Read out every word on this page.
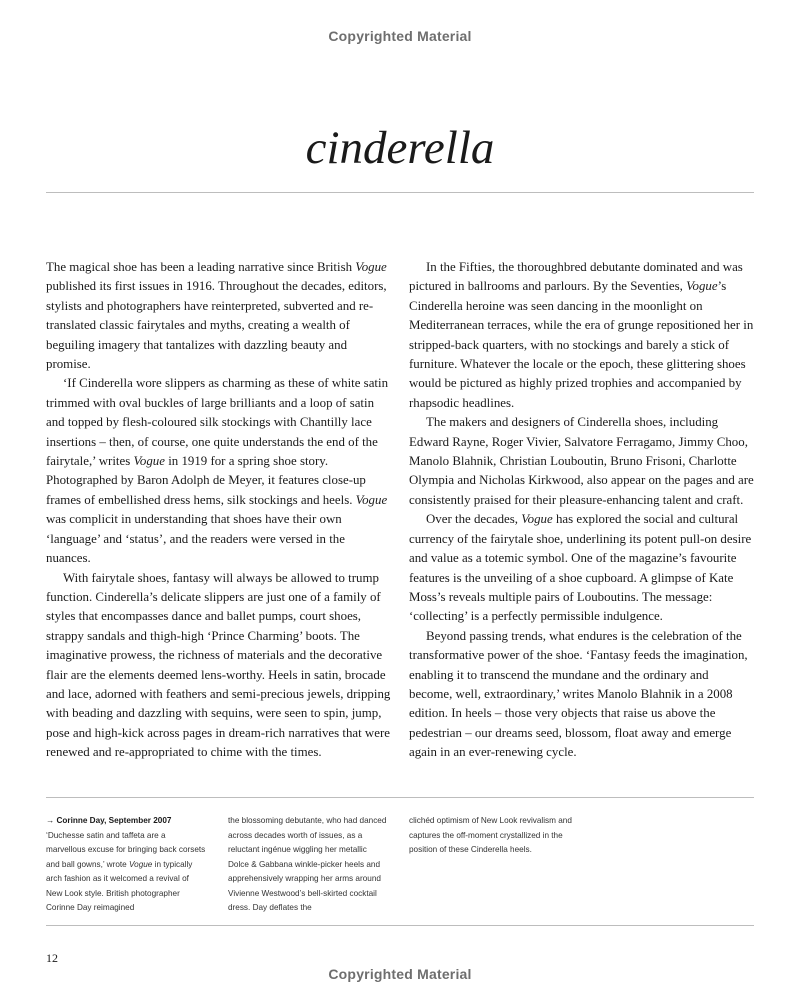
Copyrighted Material
cinderella

The magical shoe has been a leading narrative since British Vogue published its first issues in 1916. Throughout the decades, editors, stylists and photographers have reinterpreted, subverted and re-translated classic fairytales and myths, creating a wealth of beguiling imagery that tantalizes with dazzling beauty and promise.

‘If Cinderella wore slippers as charming as these of white satin trimmed with oval buckles of large brilliants and a loop of satin and topped by flesh-coloured silk stockings with Chantilly lace insertions – then, of course, one quite understands the end of the fairytale,’ writes Vogue in 1919 for a spring shoe story. Photographed by Baron Adolph de Meyer, it features close-up frames of embellished dress hems, silk stockings and heels. Vogue was complicit in understanding that shoes have their own ‘language’ and ‘status’, and the readers were versed in the nuances.

With fairytale shoes, fantasy will always be allowed to trump function. Cinderella’s delicate slippers are just one of a family of styles that encompasses dance and ballet pumps, court shoes, strappy sandals and thigh-high ‘Prince Charming’ boots. The imaginative prowess, the richness of materials and the decorative flair are the elements deemed lens-worthy. Heels in satin, brocade and lace, adorned with feathers and semi-precious jewels, dripping with beading and dazzling with sequins, were seen to spin, jump, pose and high-kick across pages in dream-rich narratives that were renewed and re-appropriated to chime with the times.

In the Fifties, the thoroughbred debutante dominated and was pictured in ballrooms and parlours. By the Seventies, Vogue’s Cinderella heroine was seen dancing in the moonlight on Mediterranean terraces, while the era of grunge repositioned her in stripped-back quarters, with no stockings and barely a stick of furniture. Whatever the locale or the epoch, these glittering shoes would be pictured as highly prized trophies and accompanied by rhapsodic headlines.

The makers and designers of Cinderella shoes, including Edward Rayne, Roger Vivier, Salvatore Ferragamo, Jimmy Choo, Manolo Blahnik, Christian Louboutin, Bruno Frisoni, Charlotte Olympia and Nicholas Kirkwood, also appear on the pages and are consistently praised for their pleasure-enhancing talent and craft.

Over the decades, Vogue has explored the social and cultural currency of the fairytale shoe, underlining its potent pull-on desire and value as a totemic symbol. One of the magazine’s favourite features is the unveiling of a shoe cupboard. A glimpse of Kate Moss’s reveals multiple pairs of Louboutins. The message: ‘collecting’ is a perfectly permissible indulgence.

Beyond passing trends, what endures is the celebration of the transformative power of the shoe. ‘Fantasy feeds the imagination, enabling it to transcend the mundane and the ordinary and become, well, extraordinary,’ writes Manolo Blahnik in a 2008 edition. In heels – those very objects that raise us above the pedestrian – our dreams seed, blossom, float away and emerge again in an ever-renewing cycle.

→ Corinne Day, September 2007
‘Duchesse satin and taffeta are a marvellous excuse for bringing back corsets and ball gowns,’ wrote Vogue in typically arch fashion as it welcomed a revival of New Look style. British photographer Corinne Day reimagined
the blossoming debutante, who had danced across decades worth of issues, as a reluctant ingénue wiggling her metallic Dolce & Gabbana winkle-picker heels and apprehensively wrapping her arms around Vivienne Westwood’s bell-skirted cocktail dress. Day deflates the
clichéd optimism of New Look revivalism and captures the off-moment crystallized in the position of these Cinderella heels.
12
Copyrighted Material
